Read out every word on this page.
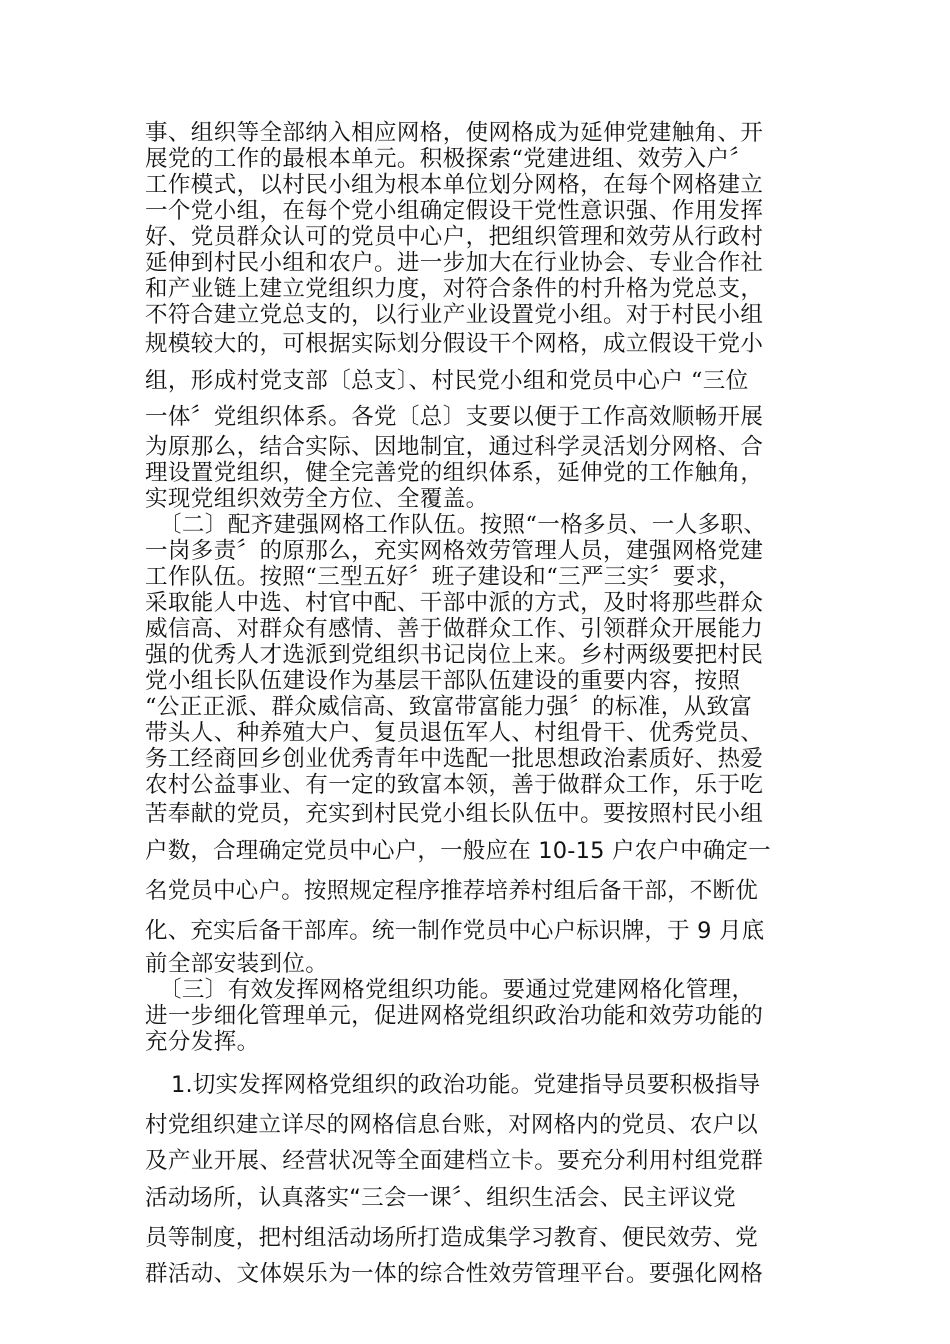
事、组织等全部纳入相应网格，使网格成为延伸党建触角、开
展党的工作的最根本单元。积极探索“党建进组、效劳入户〞
工作模式，以村民小组为根本单位划分网格，在每个网格建立
一个党小组，在每个党小组确定假设干党性意识强、作用发挥
好、党员群众认可的党员中心户，把组织管理和效劳从行政村
延伸到村民小组和农户。进一步加大在行业协会、专业合作社
和产业链上建立党组织力度，对符合条件的村升格为党总支，
不符合建立党总支的，以行业产业设置党小组。对于村民小组
规模较大的，可根据实际划分假设干个网格，成立假设干党小
组，形成村党支部〔总支〕、村民党小组和党员中心户 “三位
一体〞党组织体系。各党〔总〕支要以便于工作高效顺畅开展
为原那么，结合实际、因地制宜，通过科学灵活划分网格、合
理设置党组织，健全完善党的组织体系，延伸党的工作触角，
实现党组织效劳全方位、全覆盖。
〔二〕配齐建强网格工作队伍。按照“一格多员、一人多职、
一岗多责〞的原那么，充实网格效劳管理人员，建强网格党建
工作队伍。按照“三型五好〞班子建设和“三严三实〞要求，
采取能人中选、村官中配、干部中派的方式，及时将那些群众
威信高、对群众有感情、善于做群众工作、引领群众开展能力
强的优秀人才选派到党组织书记岗位上来。乡村两级要把村民
党小组长队伍建设作为基层干部队伍建设的重要内容，按照
“公正正派、群众威信高、致富带富能力强〞的标准，从致富
带头人、种养殖大户、复员退伍军人、村组骨干、优秀党员、
务工经商回乡创业优秀青年中选配一批思想政治素质好、热爱
农村公益事业、有一定的致富本领，善于做群众工作，乐于吃
苦奉献的党员，充实到村民党小组长队伍中。要按照村民小组
户数，合理确定党员中心户，一般应在 10-15 户农户中确定一
名党员中心户。按照规定程序推荐培养村组后备干部，不断优
化、充实后备干部库。统一制作党员中心户标识牌，于 9 月底
前全部安装到位。
〔三〕有效发挥网格党组织功能。要通过党建网格化管理，
进一步细化管理单元，促进网格党组织政治功能和效劳功能的
充分发挥。
1.切实发挥网格党组织的政治功能。党建指导员要积极指导
村党组织建立详尽的网格信息台账，对网格内的党员、农户以
及产业开展、经营状况等全面建档立卡。要充分利用村组党群
活动场所，认真落实“三会一课〞、组织生活会、民主评议党
员等制度，把村组活动场所打造成集学习教育、便民效劳、党
群活动、文体娱乐为一体的综合性效劳管理平台。要强化网格
